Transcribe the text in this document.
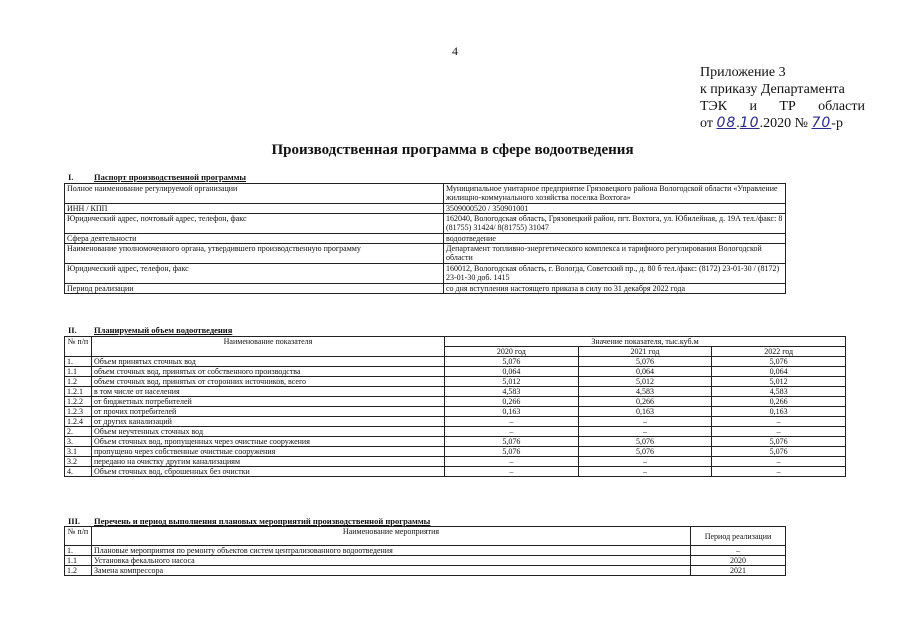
4
Приложение 3
к приказу Департамента
ТЭК и ТР области
от 08.10.2020 № 70-р
Производственная программа в сфере водоотведения
I. Паспорт производственной программы
Полное наименование регулируемой организации	Муниципальное унитарное предприятие Грязовецкого района Вологодской области «Управление жилищно-коммунального хозяйства поселка Вохтога»
ИНН / КПП	3509000520 / 350901001
Юридический адрес, почтовый адрес, телефон, факс	162040, Вологодская область, Грязовецкий район, пгт. Вохтога, ул. Юбилейная, д. 19А тел./факс: 8 (81755) 31424/ 8(81755) 31047
Сфера деятельности	водоотведение
Наименование уполномоченного органа, утвердившего производственную программу	Департамент топливно-энергетического комплекса и тарифного регулирования Вологодской области
Юридический адрес, телефон, факс	160012, Вологодская область, г. Вологда, Советский пр., д. 80 б тел./факс: (8172) 23-01-30 / (8172) 23-01-30 доб. 1415
Период реализации	со дня вступления настоящего приказа в силу по 31 декабря 2022 года
II. Планируемый объем водоотведения
№ п/п	Наименование показателя	Значение показателя, тыс.куб.м		
		2020 год	2021 год	2022 год
1.	Объем принятых сточных вод	5,076	5,076	5,076
1.1	объем сточных вод, принятых от собственного производства	0,064	0,064	0,064
1.2	объем сточных вод, принятых от сторонних источников, всего	5,012	5,012	5,012
1.2.1	в том числе от населения	4,583	4,583	4,583
1.2.2	от бюджетных потребителей	0,266	0,266	0,266
1.2.3	от прочих потребителей	0,163	0,163	0,163
1.2.4	от других канализаций	–	–	–
2.	Объем неучтенных сточных вод	–	–	–
3.	Объем сточных вод, пропущенных через очистные сооружения	5,076	5,076	5,076
3.1	пропущено через собственные очистные сооружения	5,076	5,076	5,076
3.2	передано на очистку другим канализациям	–	–	–
4.	Объем сточных вод, сброшенных без очистки	–	–	–
III. Перечень и период выполнения плановых мероприятий производственной программы
№ п/п	Наименование мероприятия	Период реализации
1.	Плановые мероприятия по ремонту объектов систем централизованного водоотведения	–
1.1	Установка фекального насоса	2020
1.2	Замена компрессора	2021
